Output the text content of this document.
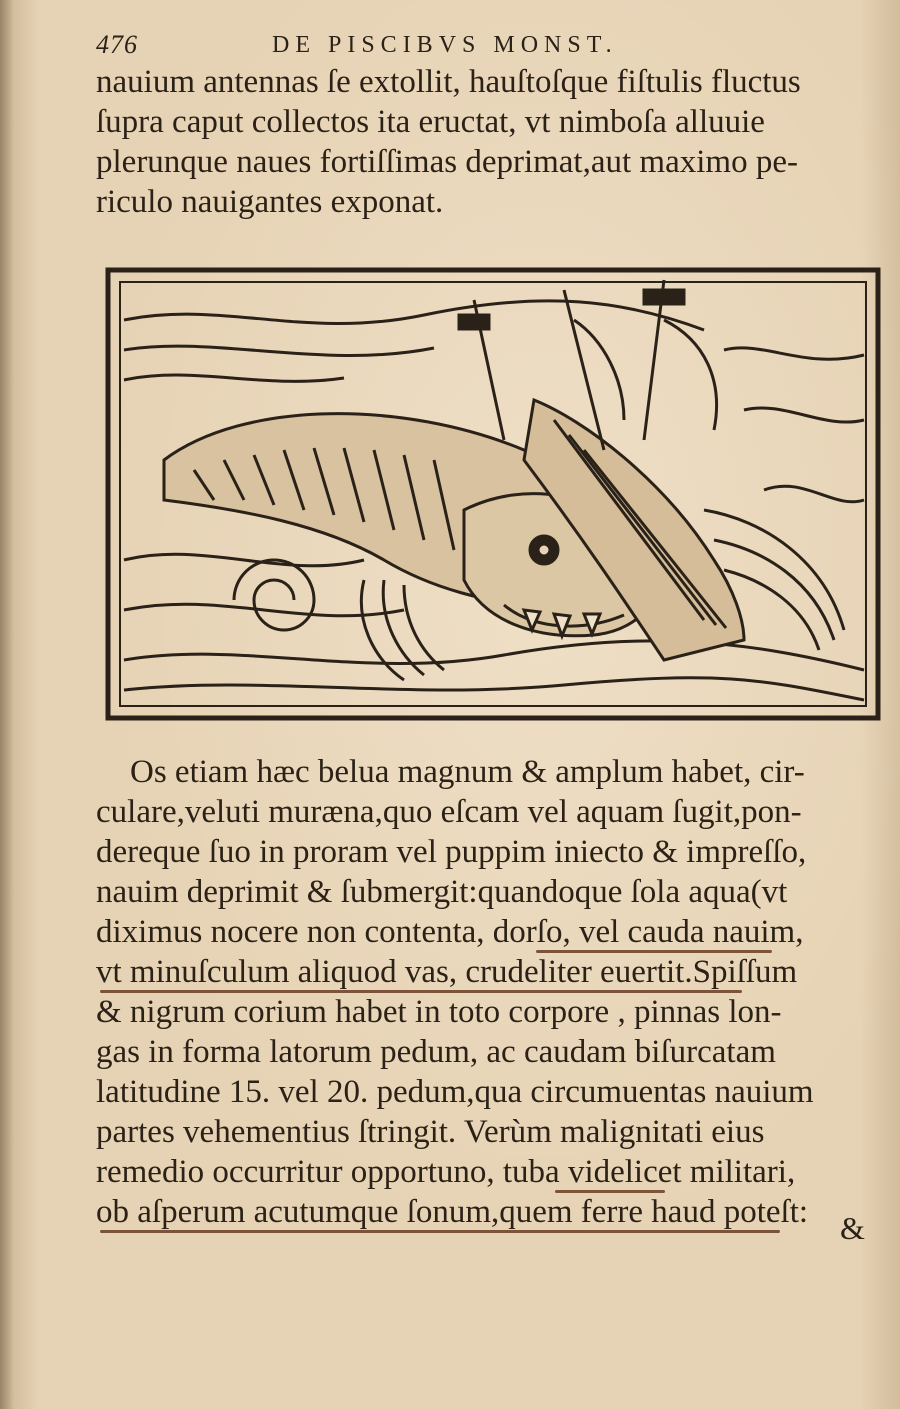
476	DE PISCIBVS MONST.
nauium antennas ſe extollit, hauſtoſque fiſtulis fluctus
ſupra caput collectos ita eructat, vt nimboſa alluuie
plerunque naues fortiſſimas deprimat,aut maximo pe-
riculo nauigantes exponat.
Os etiam hæc belua magnum & amplum habet, cir-
culare,veluti muræna,quo eſcam vel aquam ſugit,pon-
dereque ſuo in proram vel puppim iniecto & impreſſo,
nauim deprimit & ſubmergit:quandoque ſola aqua(vt
diximus nocere non contenta, dorſo, vel cauda nauim,
vt minuſculum aliquod vas, crudeliter euertit.Spiſſum
& nigrum corium habet in toto corpore , pinnas lon-
gas in forma latorum pedum, ac caudam biſurcatam
latitudine 15. vel 20. pedum,qua circumuentas nauium
partes vehementius ſtringit. Verùm malignitati eius
remedio occurritur opportuno, tuba videlicet militari,
ob aſperum acutumque ſonum,quem ferre haud poteſt: &
